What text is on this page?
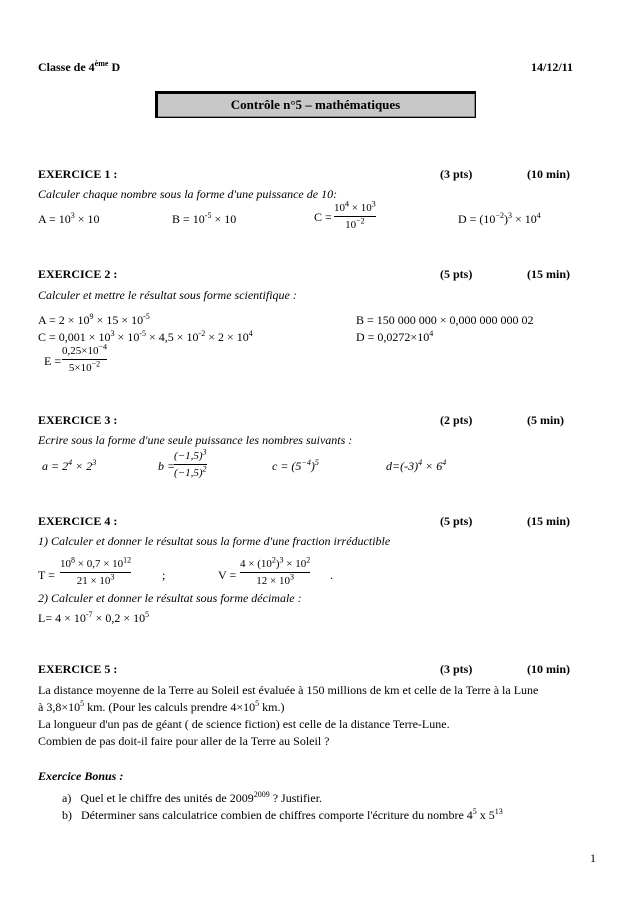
Classe de 4ème D	14/12/11
Contrôle n°5 – mathématiques
EXERCICE 1 :	(3 pts)	(10 min)
Calculer chaque nombre sous la forme d'une puissance de 10:
$A = 10^3 \times 10$	$B = 10^{-5} \times 10$	C =
$10^4 \times 10^3$
$10^{-2}$	$D = (10^{-2})^3 \times 10^4$
EXERCICE 2 :	(5 pts)	(15 min)
Calculer et mettre le résultat sous forme scientifique :
$A = 2 \times 10^9 \times 15 \times 10^{-5}$	B = 150 000 000 × 0,000 000 000 02
$C = 0,001 \times 10^3 \times 10^{-5} \times 4,5 \times 10^{-2} \times 2 \times 10^4$	$D = 0,0272\times 10^4$
E =
$0,25\times 10^{-4}$
$5\times 10^{-2}$
EXERCICE 3 :	(2 pts)	(5 min)
Ecrire sous la forme d'une seule puissance les nombres suivants :
$a = 2^4 \times 2^3$	b =
$(-1,5)^3$
$(-1,5)^2$	$c = (5^{-4})^5$	$d=(-3)^4 \times 6^4$
EXERCICE 4 :	(5 pts)	(15 min)
1) Calculer et donner le résultat sous la forme d'une fraction irréductible
T =
$10^8 \times 0,7 \times 10^{12}$
$21 \times 10^3$	;	V =
$4 \times (10^2)^3 \times 10^2$
$12 \times 10^3$	.
2) Calculer et donner le résultat sous forme décimale :
$L= 4 \times 10^{-7} \times 0,2 \times 10^5$
EXERCICE 5 :	(3 pts)	(10 min)
La distance moyenne de la Terre au Soleil est évaluée à 150 millions de km et celle de la Terre à la Lune
à $3,8\times 10^5$ km. (Pour les calculs prendre $4\times 10^5$ km.)
La longueur d'un pas de géant ( de science fiction) est celle de la distance Terre-Lune.
Combien de pas doit-il faire pour aller de la Terre au Soleil ?
Exercice Bonus :
a) Quel et le chiffre des unités de $2009^{2009}$ ? Justifier.
b) Déterminer sans calculatrice combien de chiffres comporte l'écriture du nombre $4^5$ x $5^{13}$
1
